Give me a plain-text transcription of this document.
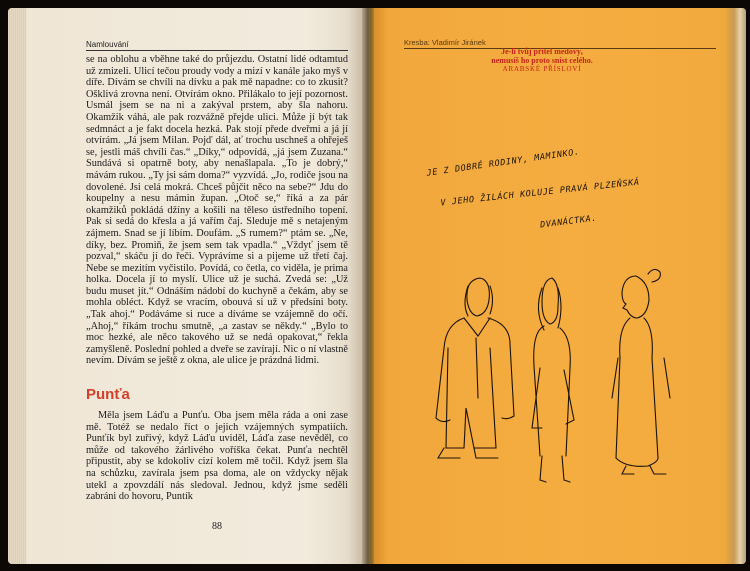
Namlouvání
se na oblohu a vběhne také do průjezdu. Ostatní lidé odtamtud už zmizeli. Ulicí tečou proudy vody a mizí v kanále jako myš v díře. Dívám se chvíli na dívku a pak mě napadne: co to zkusit? Ošklivá zrovna není. Otvírám okno. Přilákalo to její pozornost. Usmál jsem se na ni a zakýval prstem, aby šla nahoru. Okamžik váhá, ale pak rozvážně přejde ulici. Může jí být tak sedmnáct a je fakt docela hezká. Pak stojí přede dveřmi a já jí otvírám. „Já jsem Milan. Pojď dál, ať trochu uschneš a ohřeješ se, jestli máš chvíli čas.“ „Díky,“ odpovídá, „já jsem Zuzana.“ Sundává si opatrně boty, aby nenašlapala. „To je dobrý,“ mávám rukou. „Ty jsi sám doma?“ vyzvídá. „Jo, rodiče jsou na dovolené. Jsi celá mokrá. Chceš půjčit něco na sebe?“ Jdu do koupelny a nesu mámin župan. „Otoč se,“ říká a za pár okamžiků pokládá džíny a košili na těleso ústředního topení. Pak si sedá do křesla a já vařím čaj. Sleduje mě s netajeným zájmem. Snad se jí líbím. Doufám. „S rumem?“ ptám se. „Ne, díky, bez. Promiň, že jsem sem tak vpadla.“ „Vždyť jsem tě pozval,“ skáču jí do řeči. Vyprávíme si a pijeme už třetí čaj. Nebe se mezitím vyčistilo. Povídá, co četla, co viděla, je prima holka. Docela jí to myslí. Ulice už je suchá. Zvedá se: „Už budu muset jít.“ Odnáším nádobí do kuchyně a čekám, aby se mohla obléct. Když se vracím, obouvá si už v předsíni boty. „Tak ahoj.“ Podáváme si ruce a díváme se vzájemně do očí. „Ahoj,“ říkám trochu smutně, „a zastav se někdy.“ „Bylo to moc hezké, ale něco takového už se nedá opakovat,“ řekla zamyšleně. Poslední pohled a dveře se zavírají. Nic o ní vlastně nevím. Dívám se ještě z okna, ale ulice je prázdná lidmi.
Punťa
Měla jsem Láďu a Punťu. Oba jsem měla ráda a oni zase mě. Totéž se nedalo říct o jejich vzájemných sympatiích. Punťík byl zuřivý, když Láďu uviděl, Láďa zase nevěděl, co může od takového žárlivého voříška čekat. Punťa nechtěl připustit, aby se kdokoliv cizí kolem mě točil. Když jsem šla na schůzku, zavírala jsem psa doma, ale on vždycky nějak utekl a zpovzdálí nás sledoval. Jednou, když jsme seděli zabráni do hovoru, Puntík
88
Kresba: Vladimír Jiránek
Je-li tvůj přítel medový,
nemusíš ho proto sníst celého.
ARABSKÉ PŘÍSLOVÍ
JE Z DOBRÉ RODINY, MAMINKO.
V JEHO ŽILÁCH KOLUJE PRAVÁ PLZEŇSKÁ
DVANÁCTKA.
